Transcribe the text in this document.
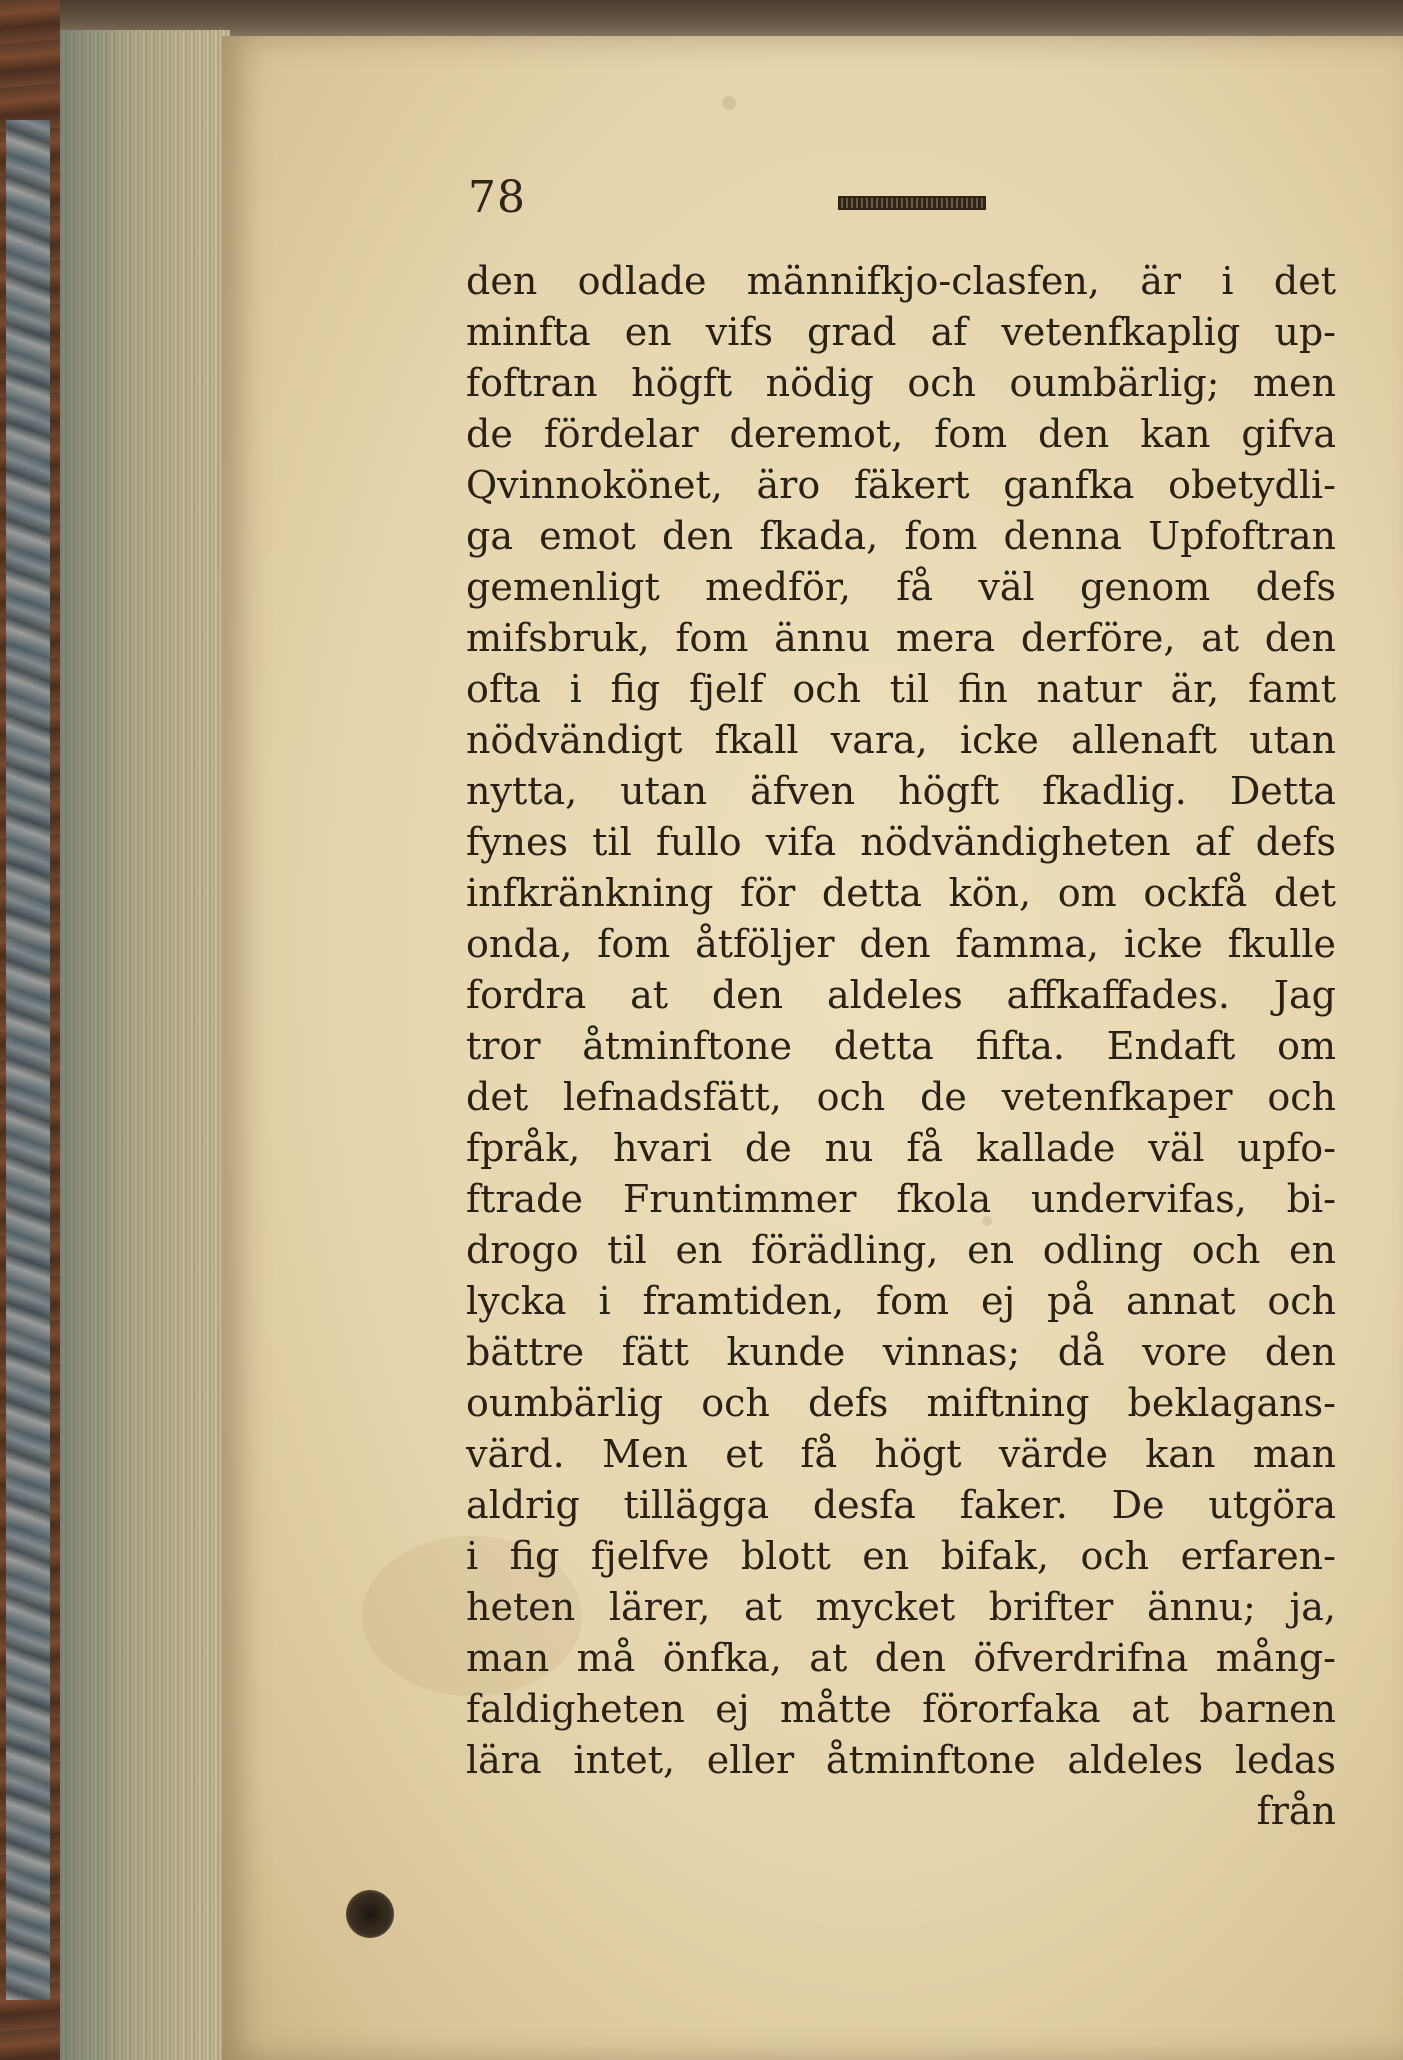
78
den odlade männifkjo-clasfen, är i det
minfta en vifs grad af vetenfkaplig up-
foftran högft nödig och oumbärlig; men
de fördelar deremot, fom den kan gifva
Qvinnokönet, äro fäkert ganfka obetydli-
ga emot den fkada, fom denna Upfoftran
gemenligt medför, få väl genom defs
mifsbruk, fom ännu mera derföre, at den
ofta i fig fjelf och til fin natur är, famt
nödvändigt fkall vara, icke allenaft utan
nytta, utan äfven högft fkadlig. Detta
fynes til fullo vifa nödvändigheten af defs
infkränkning för detta kön, om ockfå det
onda, fom åtföljer den famma, icke fkulle
fordra at den aldeles affkaffades. Jag
tror åtminftone detta fifta. Endaft om
det lefnadsfätt, och de vetenfkaper och
fpråk, hvari de nu få kallade väl upfo-
ftrade Fruntimmer fkola undervifas, bi-
drogo til en förädling, en odling och en
lycka i framtiden, fom ej på annat och
bättre fätt kunde vinnas; då vore den
oumbärlig och defs miftning beklagans-
värd. Men et få högt värde kan man
aldrig tillägga desfa faker. De utgöra
i fig fjelfve blott en bifak, och erfaren-
heten lärer, at mycket brifter ännu; ja,
man må önfka, at den öfverdrifna mång-
faldigheten ej måtte förorfaka at barnen
lära intet, eller åtminftone aldeles ledas
från
